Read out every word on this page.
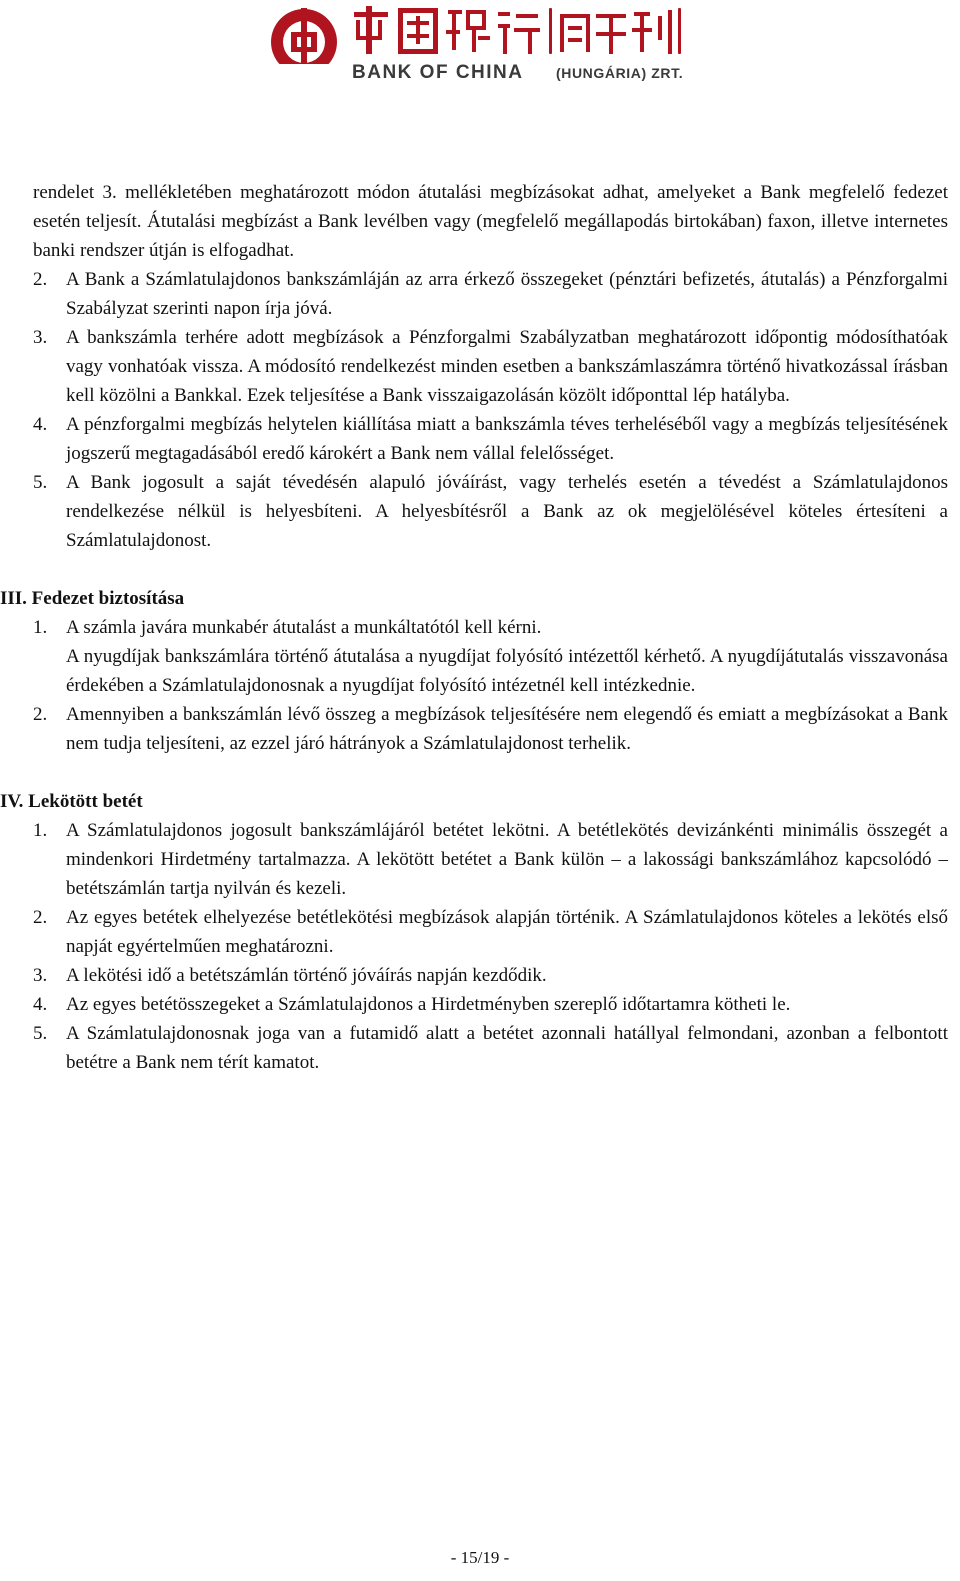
BANK OF CHINA (HUNGÁRIA) ZRT.

rendelet 3. mellékletében meghatározott módon átutalási megbízásokat adhat, amelyeket a Bank megfelelő fedezet esetén teljesít. Átutalási megbízást a Bank levélben vagy (megfelelő megállapodás birtokában) faxon, illetve internetes banki rendszer útján is elfogadhat.

2. A Bank a Számlatulajdonos bankszámláján az arra érkező összegeket (pénztári befizetés, átutalás) a Pénzforgalmi Szabályzat szerinti napon írja jóvá.
3. A bankszámla terhére adott megbízások a Pénzforgalmi Szabályzatban meghatározott időpontig módosíthatóak vagy vonhatóak vissza. A módosító rendelkezést minden esetben a bankszámlaszámra történő hivatkozással írásban kell közölni a Bankkal. Ezek teljesítése a Bank visszaigazolásán közölt időponttal lép hatályba.
4. A pénzforgalmi megbízás helytelen kiállítása miatt a bankszámla téves terheléséből vagy a megbízás teljesítésének jogszerű megtagadásából eredő károkért a Bank nem vállal felelősséget.
5. A Bank jogosult a saját tévedésén alapuló jóváírást, vagy terhelés esetén a tévedést a Számlatulajdonos rendelkezése nélkül is helyesbíteni. A helyesbítésről a Bank az ok megjelölésével köteles értesíteni a Számlatulajdonost.
III. Fedezet biztosítása
1. A számla javára munkabér átutalást a munkáltatótól kell kérni.
A nyugdíjak bankszámlára történő átutalása a nyugdíjat folyósító intézettől kérhető. A nyugdíjátutalás visszavonása érdekében a Számlatulajdonosnak a nyugdíjat folyósító intézetnél kell intézkednie.
2. Amennyiben a bankszámlán lévő összeg a megbízások teljesítésére nem elegendő és emiatt a megbízásokat a Bank nem tudja teljesíteni, az ezzel járó hátrányok a Számlatulajdonost terhelik.
IV. Lekötött betét
1. A Számlatulajdonos jogosult bankszámlájáról betétet lekötni. A betétlekötés devizánkénti minimális összegét a mindenkori Hirdetmény tartalmazza. A lekötött betétet a Bank külön – a lakossági bankszámlához kapcsolódó – betétszámlán tartja nyilván és kezeli.
2. Az egyes betétek elhelyezése betétlekötési megbízások alapján történik. A Számlatulajdonos köteles a lekötés első napját egyértelműen meghatározni.
3. A lekötési idő a betétszámlán történő jóváírás napján kezdődik.
4. Az egyes betétösszegeket a Számlatulajdonos a Hirdetményben szereplő időtartamra kötheti le.
5. A Számlatulajdonosnak joga van a futamidő alatt a betétet azonnali hatállyal felmondani, azonban a felbontott betétre a Bank nem térít kamatot.
- 15/19 -
